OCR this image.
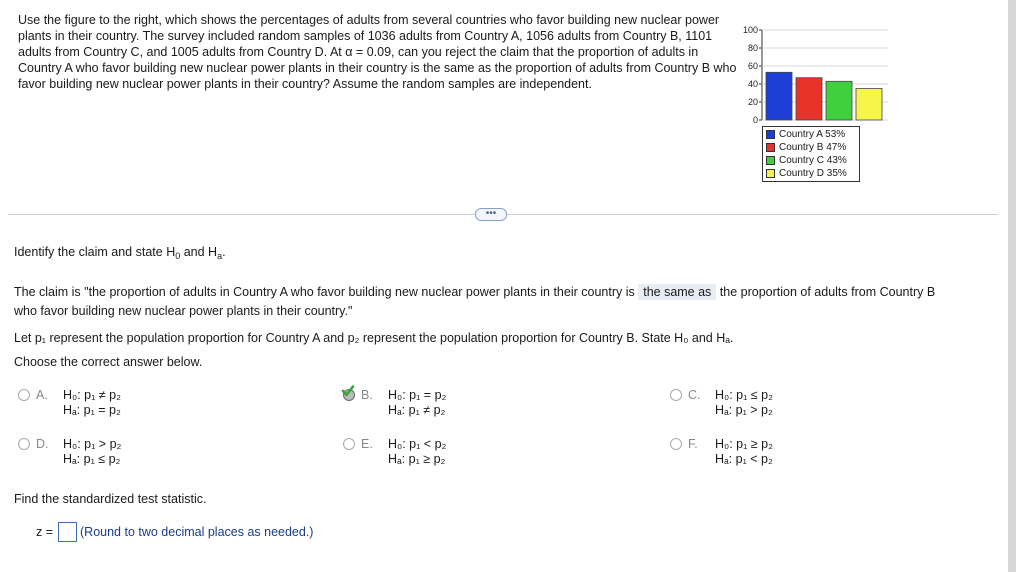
Use the figure to the right, which shows the percentages of adults from several countries who favor building new nuclear power plants in their country. The survey included random samples of 1036 adults from Country A, 1056 adults from Country B, 1101 adults from Country C, and 1005 adults from Country D. At α = 0.09, can you reject the claim that the proportion of adults in Country A who favor building new nuclear power plants in their country is the same as the proportion of adults from Country B who favor building new nuclear power plants in their country? Assume the random samples are independent.
100
80
60
40
20
0
Country A 53%
Country B 47%
Country C 43%
Country D 35%
•••
Identify the claim and state $H_0$ and $H_a$.
The claim is "the proportion of adults in Country A who favor building new nuclear power plants in their country is the same as the proportion of adults from Country B
who favor building new nuclear power plants in their country."
Let p₁ represent the population proportion for Country A and p₂ represent the population proportion for Country B. State H₀ and Hₐ.
Choose the correct answer below.
A. H₀: p₁ ≠ p₂
Hₐ: p₁ = p₂
B. H₀: p₁ = p₂
Hₐ: p₁ ≠ p₂
C. H₀: p₁ ≤ p₂
Hₐ: p₁ > p₂
D. H₀: p₁ > p₂
Hₐ: p₁ ≤ p₂
E. H₀: p₁ < p₂
Hₐ: p₁ ≥ p₂
F. H₀: p₁ ≥ p₂
Hₐ: p₁ < p₂
Find the standardized test statistic.
z = (Round to two decimal places as needed.)
